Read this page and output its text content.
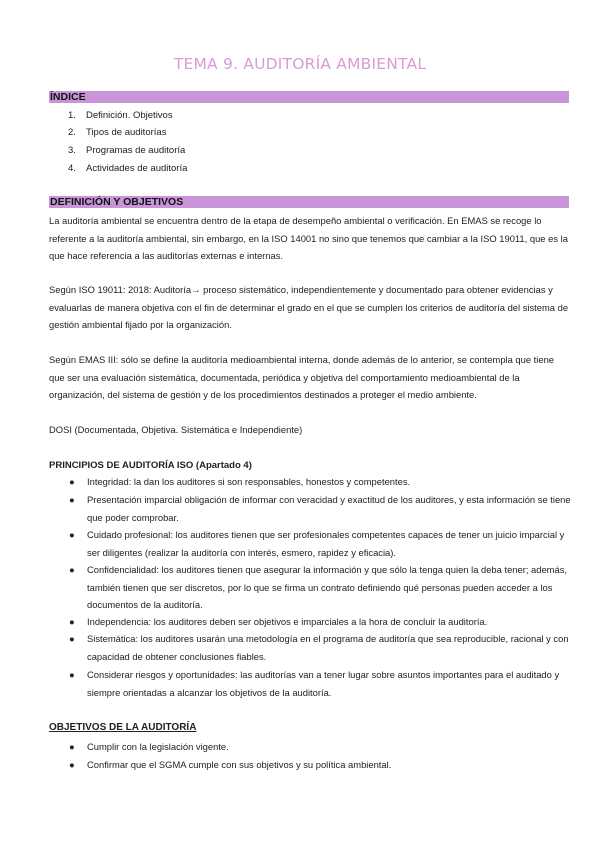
TEMA 9. AUDITORÍA AMBIENTAL
ÍNDICE
1. Definición. Objetivos
2. Tipos de auditorías
3. Programas de auditoría
4. Actividades de auditoría
DEFINICIÓN Y OBJETIVOS

La auditoría ambiental se encuentra dentro de la etapa de desempeño ambiental o verificación. En EMAS se recoge lo referente a la auditoría ambiental, sin embargo, en la ISO 14001 no sino que tenemos que cambiar a la ISO 19011, que es la que hace referencia a las auditorías externas e internas.

Según ISO 19011: 2018: Auditoría→ proceso sistemático, independientemente y documentado para obtener evidencias y evaluarlas de manera objetiva con el fin de determinar el grado en el que se cumplen los criterios de auditoría del sistema de gestión ambiental fijado por la organización.

Según EMAS III: sólo se define la auditoría medioambiental interna, donde además de lo anterior, se contempla que tiene que ser una evaluación sistemática, documentada, periódica y objetiva del comportamiento medioambiental de la organización, del sistema de gestión y de los procedimientos destinados a proteger el medio ambiente.

DOSI (Documentada, Objetiva. Sistemática e Independiente)

PRINCIPIOS DE AUDITORÍA ISO (Apartado 4)
● Integridad: la dan los auditores si son responsables, honestos y competentes.
● Presentación imparcial obligación de informar con veracidad y exactitud de los auditores, y esta información se tiene que poder comprobar.
● Cuidado profesional: los auditores tienen que ser profesionales competentes capaces de tener un juicio imparcial y ser diligentes (realizar la auditoría con interés, esmero, rapidez y eficacia).
● Confidencialidad: los auditores tienen que asegurar la información y que sólo la tenga quien la deba tener; además, también tienen que ser discretos, por lo que se firma un contrato definiendo qué personas pueden acceder a los documentos de la auditoría.
● Independencia: los auditores deben ser objetivos e imparciales a la hora de concluir la auditoría.
● Sistemática: los auditores usarán una metodología en el programa de auditoría que sea reproducible, racional y con capacidad de obtener conclusiones fiables.
● Considerar riesgos y oportunidades: las auditorías van a tener lugar sobre asuntos importantes para el auditado y siempre orientadas a alcanzar los objetivos de la auditoría.
OBJETIVOS DE LA AUDITORÍA
● Cumplir con la legislación vigente.
● Confirmar que el SGMA cumple con sus objetivos y su política ambiental.
